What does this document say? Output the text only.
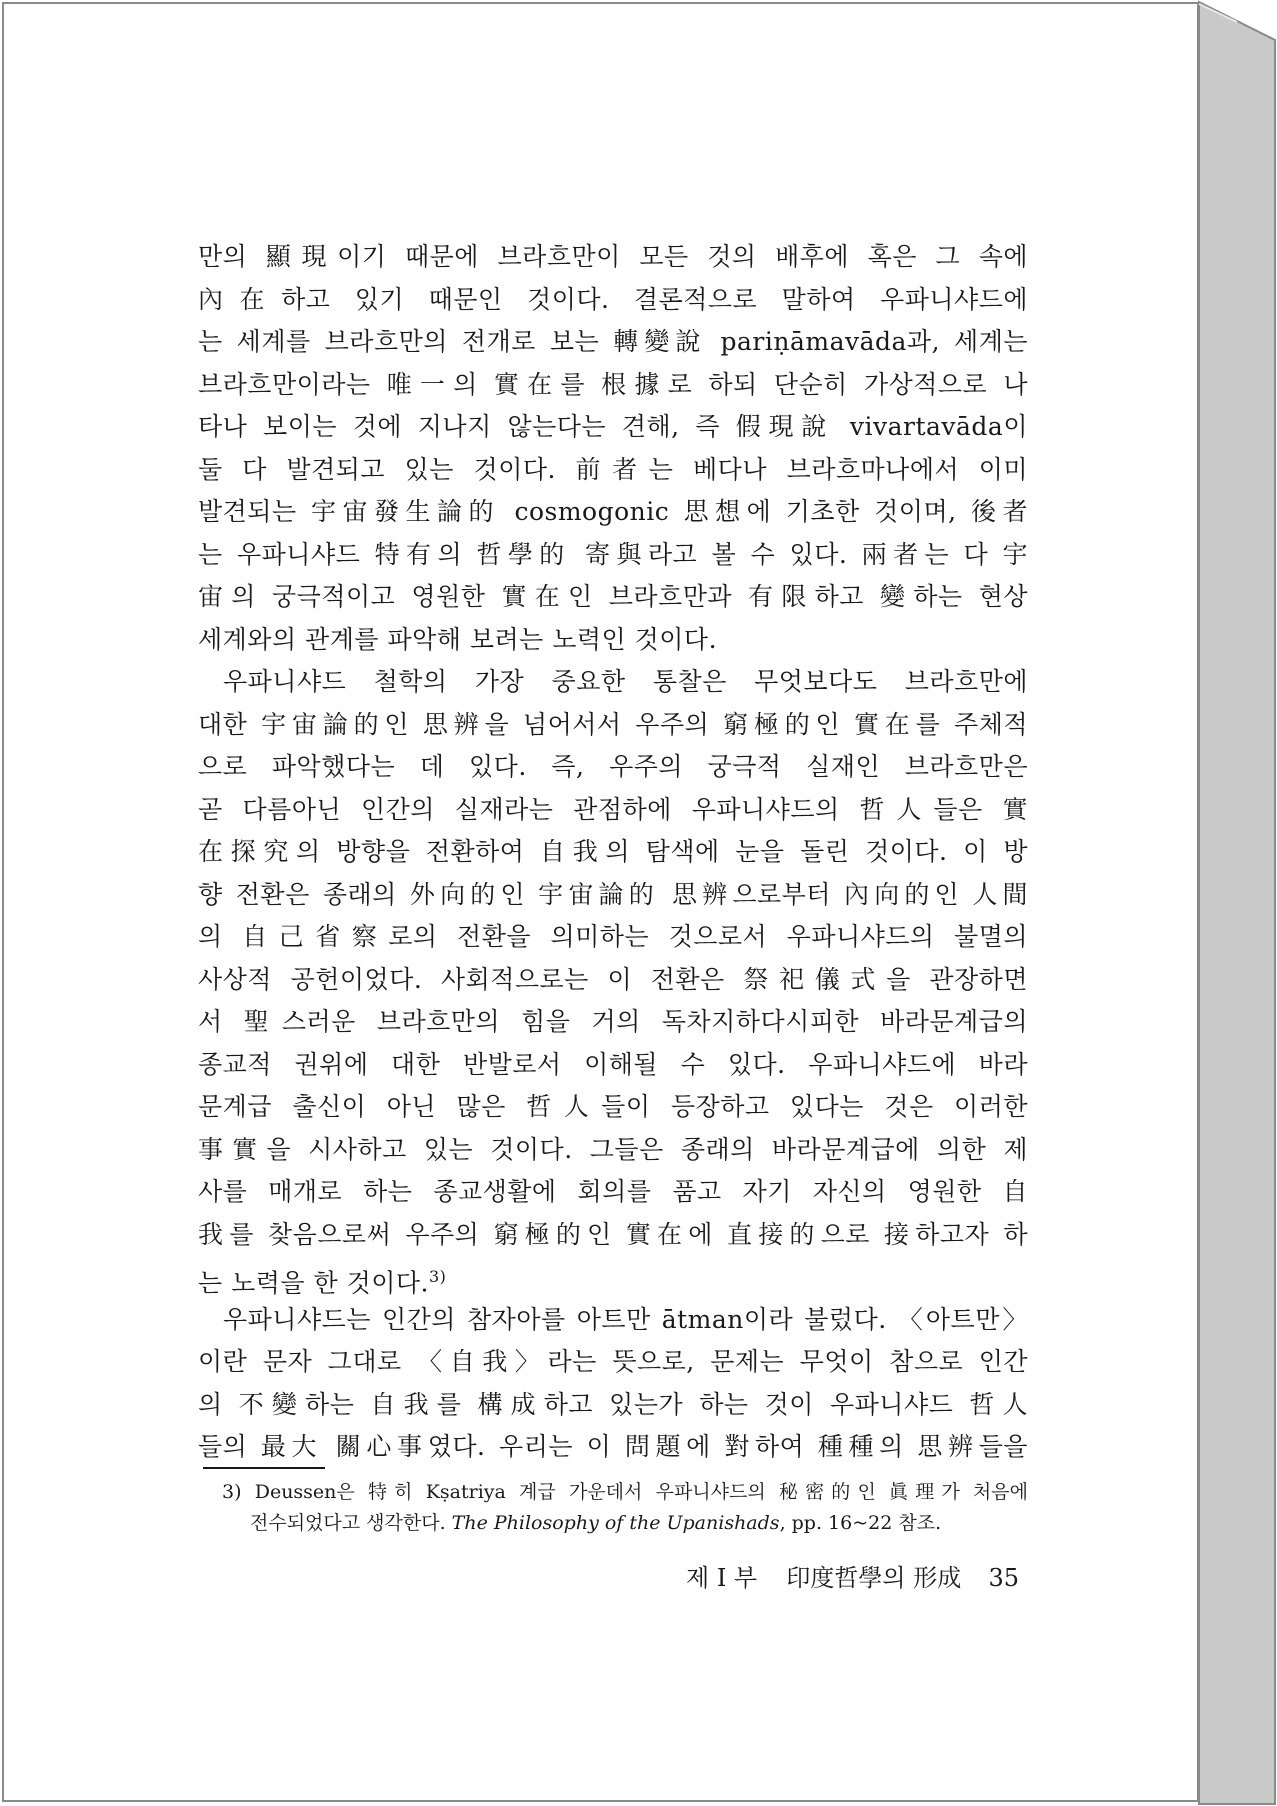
만의 顯現이기 때문에 브라흐만이 모든 것의 배후에 혹은 그 속에
內在하고 있기 때문인 것이다. 결론적으로 말하여 우파니샤드에
는 세계를 브라흐만의 전개로 보는 轉變說 pariṇāmavāda과, 세계는
브라흐만이라는 唯一의 實在를 根據로 하되 단순히 가상적으로 나
타나 보이는 것에 지나지 않는다는 견해, 즉 假現說 vivartavāda이
둘 다 발견되고 있는 것이다. 前者는 베다나 브라흐마나에서 이미
발견되는 宇宙發生論的 cosmogonic 思想에 기초한 것이며, 後者
는 우파니샤드 特有의 哲學的 寄與라고 볼 수 있다. 兩者는 다 宇
宙의 궁극적이고 영원한 實在인 브라흐만과 有限하고 變하는 현상
세계와의 관계를 파악해 보려는 노력인 것이다.
우파니샤드 철학의 가장 중요한 통찰은 무엇보다도 브라흐만에
대한 宇宙論的인 思辨을 넘어서서 우주의 窮極的인 實在를 주체적
으로 파악했다는 데 있다. 즉, 우주의 궁극적 실재인 브라흐만은
곧 다름아닌 인간의 실재라는 관점하에 우파니샤드의 哲人들은 實
在探究의 방향을 전환하여 自我의 탐색에 눈을 돌린 것이다. 이 방
향 전환은 종래의 外向的인 宇宙論的 思辨으로부터 內向的인 人間
의 自己省察로의 전환을 의미하는 것으로서 우파니샤드의 불멸의
사상적 공헌이었다. 사회적으로는 이 전환은 祭祀儀式을 관장하면
서 聖스러운 브라흐만의 힘을 거의 독차지하다시피한 바라문계급의
종교적 권위에 대한 반발로서 이해될 수 있다. 우파니샤드에 바라
문계급 출신이 아닌 많은 哲人들이 등장하고 있다는 것은 이러한
事實을 시사하고 있는 것이다. 그들은 종래의 바라문계급에 의한 제
사를 매개로 하는 종교생활에 회의를 품고 자기 자신의 영원한 自
我를 찾음으로써 우주의 窮極的인 實在에 直接的으로 接하고자 하
는 노력을 한 것이다.$^{3)}$
우파니샤드는 인간의 참자아를 아트만 ātman이라 불렀다. 〈아트만〉
이란 문자 그대로 〈自我〉라는 뜻으로, 문제는 무엇이 참으로 인간
의 不變하는 自我를 構成하고 있는가 하는 것이 우파니샤드 哲人
들의 最大 關心事였다. 우리는 이 問題에 對하여 種種의 思辨들을
3) Deussen은 特히 Kṣatriya 계급 가운데서 우파니샤드의 秘密的인 眞理가 처음에
전수되었다고 생각한다. The Philosophy of the Upanishads, pp. 16~22 참조.
제 I 부 印度哲學의 形成 35
